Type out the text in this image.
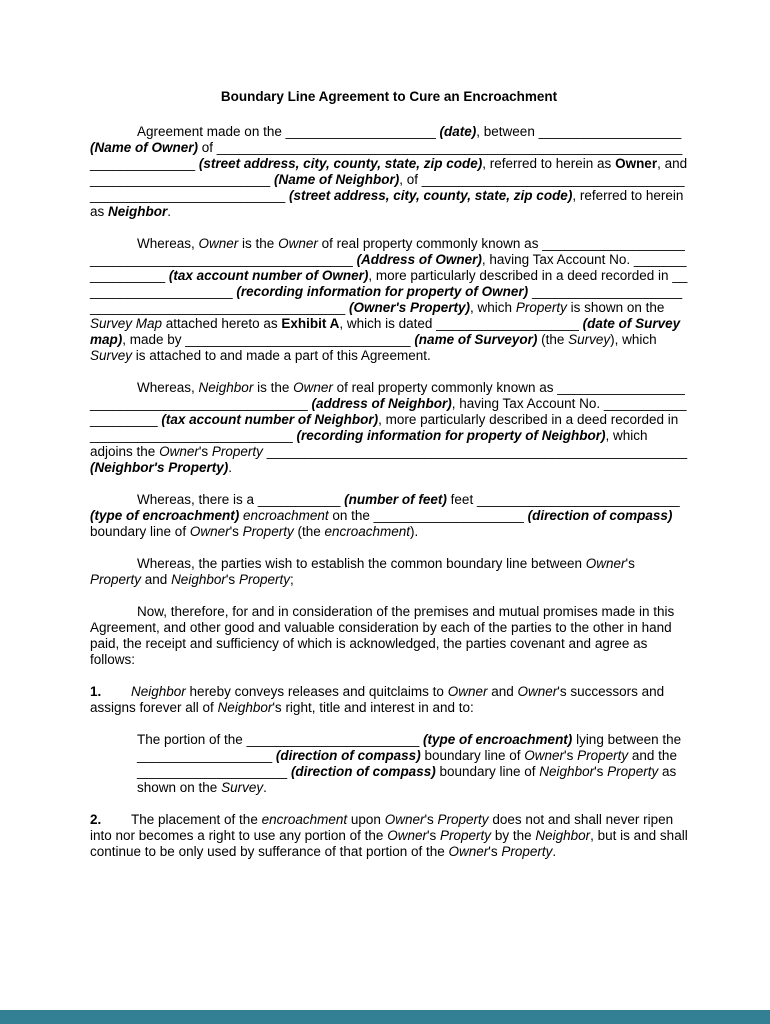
Boundary Line Agreement to Cure an Encroachment

Agreement made on the ____________________ (date), between ___________________ (Name of Owner) of ____________________________________________________________________________ (street address, city, county, state, zip code), referred to herein as Owner, and ________________________ (Name of Neighbor), of _____________________________________________________________ (street address, city, county, state, zip code), referred to herein as Neighbor.

Whereas, Owner is the Owner of real property commonly known as ______________________________________________________ (Address of Owner), having Tax Account No. _________________ (tax account number of Owner), more particularly described in a deed recorded in _____________________ (recording information for property of Owner) ______________________________________________________ (Owner's Property), which Property is shown on the Survey Map attached hereto as Exhibit A, which is dated ___________________ (date of Survey map), made by ______________________________ (name of Surveyor) (the Survey), which Survey is attached to and made a part of this Agreement.

Whereas, Neighbor is the Owner of real property commonly known as ______________________________________________ (address of Neighbor), having Tax Account No. ____________________ (tax account number of Neighbor), more particularly described in a deed recorded in ___________________________ (recording information for property of Neighbor), which adjoins the Owner's Property ________________________________________________________ (Neighbor's Property).

Whereas, there is a ___________ (number of feet) feet ___________________________ (type of encroachment) encroachment on the ____________________ (direction of compass) boundary line of Owner's Property (the encroachment).

Whereas, the parties wish to establish the common boundary line between Owner's Property and Neighbor's Property;

Now, therefore, for and in consideration of the premises and mutual promises made in this Agreement, and other good and valuable consideration by each of the parties to the other in hand paid, the receipt and sufficiency of which is acknowledged, the parties covenant and agree as follows:

1. Neighbor hereby conveys releases and quitclaims to Owner and Owner's successors and assigns forever all of Neighbor's right, title and interest in and to:

The portion of the _______________________ (type of encroachment) lying between the __________________ (direction of compass) boundary line of Owner's Property and the ____________________ (direction of compass) boundary line of Neighbor's Property as shown on the Survey.

2. The placement of the encroachment upon Owner's Property does not and shall never ripen into nor becomes a right to use any portion of the Owner's Property by the Neighbor, but is and shall continue to be only used by sufferance of that portion of the Owner's Property.
